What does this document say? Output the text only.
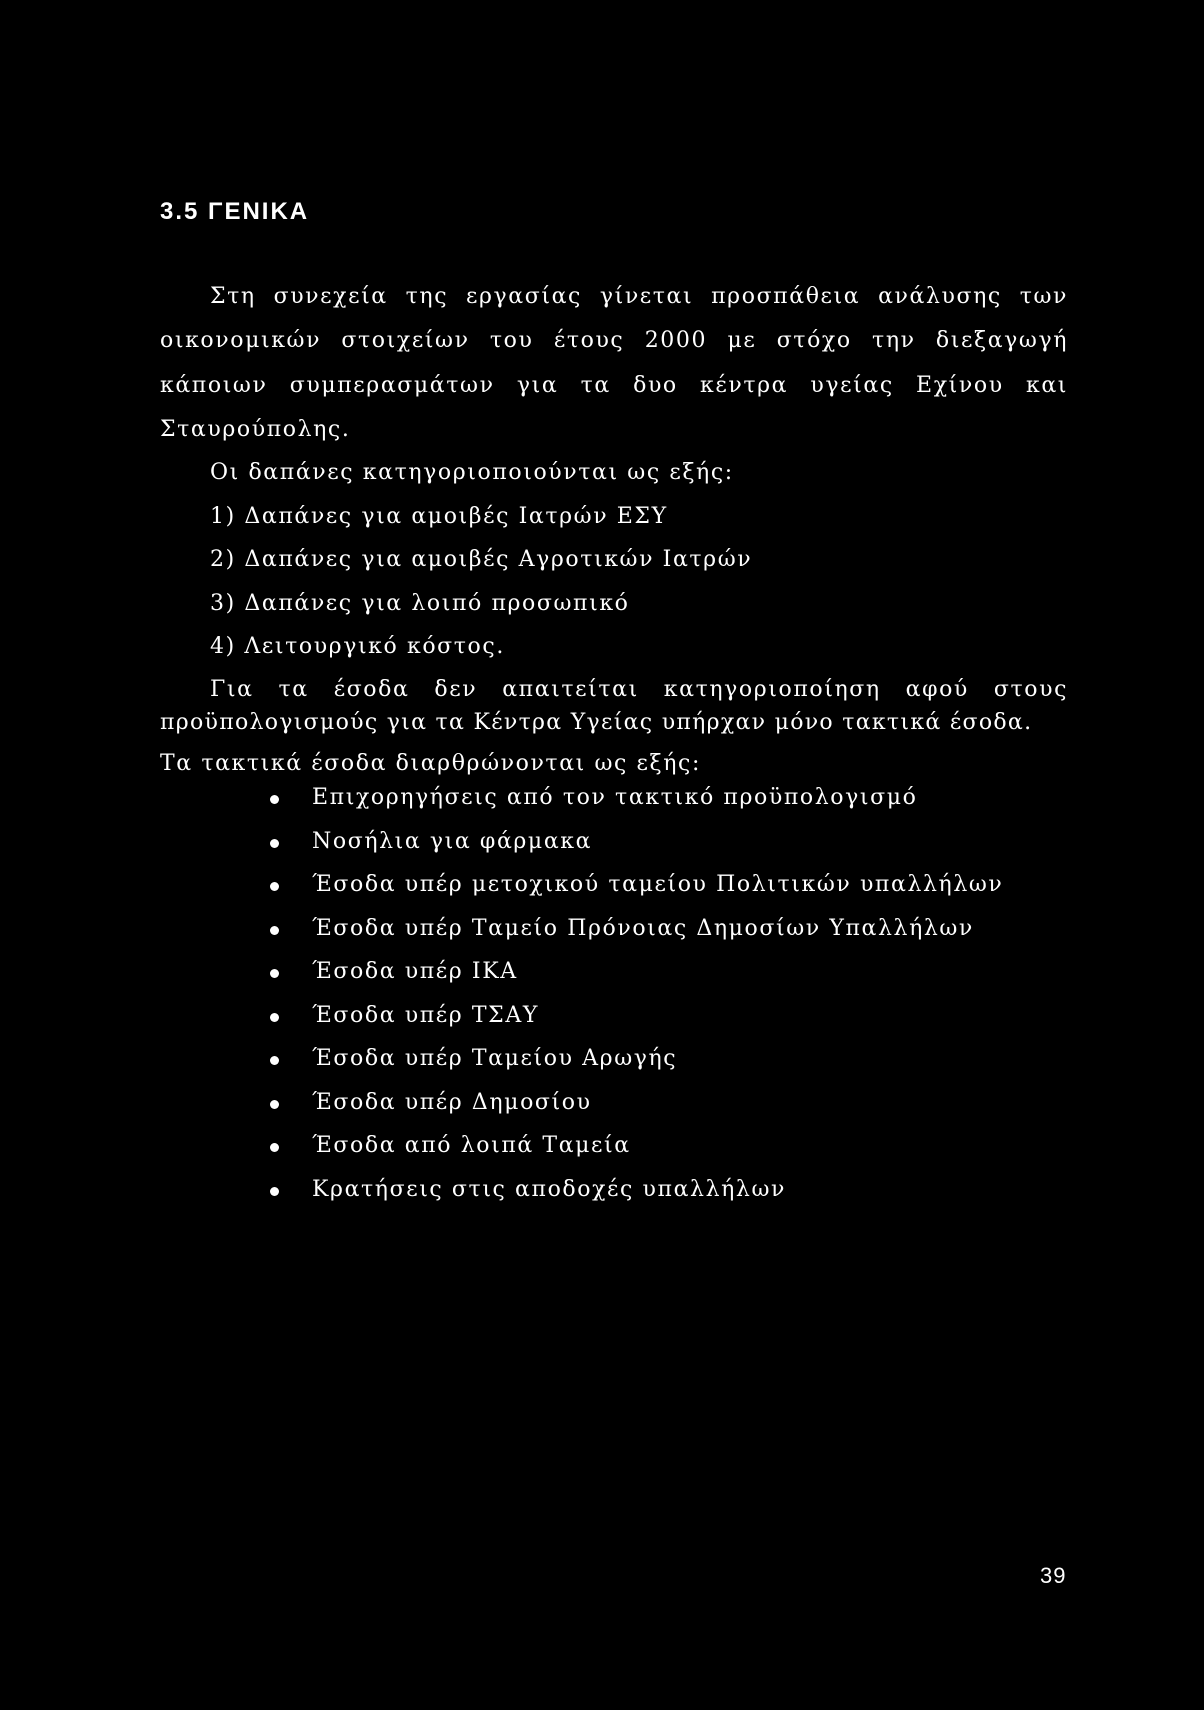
3.5 ΓΕΝΙΚΑ
Στη συνεχεία της εργασίας γίνεται προσπάθεια ανάλυσης των
οικονομικών στοιχείων του έτους 2000 με στόχο την διεξαγωγή
κάποιων συμπερασμάτων για τα δυο κέντρα υγείας Εχίνου και
Σταυρούπολης.
Οι δαπάνες κατηγοριοποιούνται ως εξής:
1) Δαπάνες για αμοιβές Ιατρών ΕΣΥ
2) Δαπάνες για αμοιβές Αγροτικών Ιατρών
3) Δαπάνες για λοιπό προσωπικό
4) Λειτουργικό κόστος.
Για τα έσοδα δεν απαιτείται κατηγοριοποίηση αφού στους
προϋπολογισμούς για τα Κέντρα Υγείας υπήρχαν μόνο τακτικά έσοδα.
Τα τακτικά έσοδα διαρθρώνονται ως εξής:
Επιχορηγήσεις από τον τακτικό προϋπολογισμό
Νοσήλια για φάρμακα
Έσοδα υπέρ μετοχικού ταμείου Πολιτικών υπαλλήλων
Έσοδα υπέρ Ταμείο Πρόνοιας Δημοσίων Υπαλλήλων
Έσοδα υπέρ ΙΚΑ
Έσοδα υπέρ ΤΣΑΥ
Έσοδα υπέρ Ταμείου Αρωγής
Έσοδα υπέρ Δημοσίου
Έσοδα από λοιπά Ταμεία
Κρατήσεις στις αποδοχές υπαλλήλων
39
